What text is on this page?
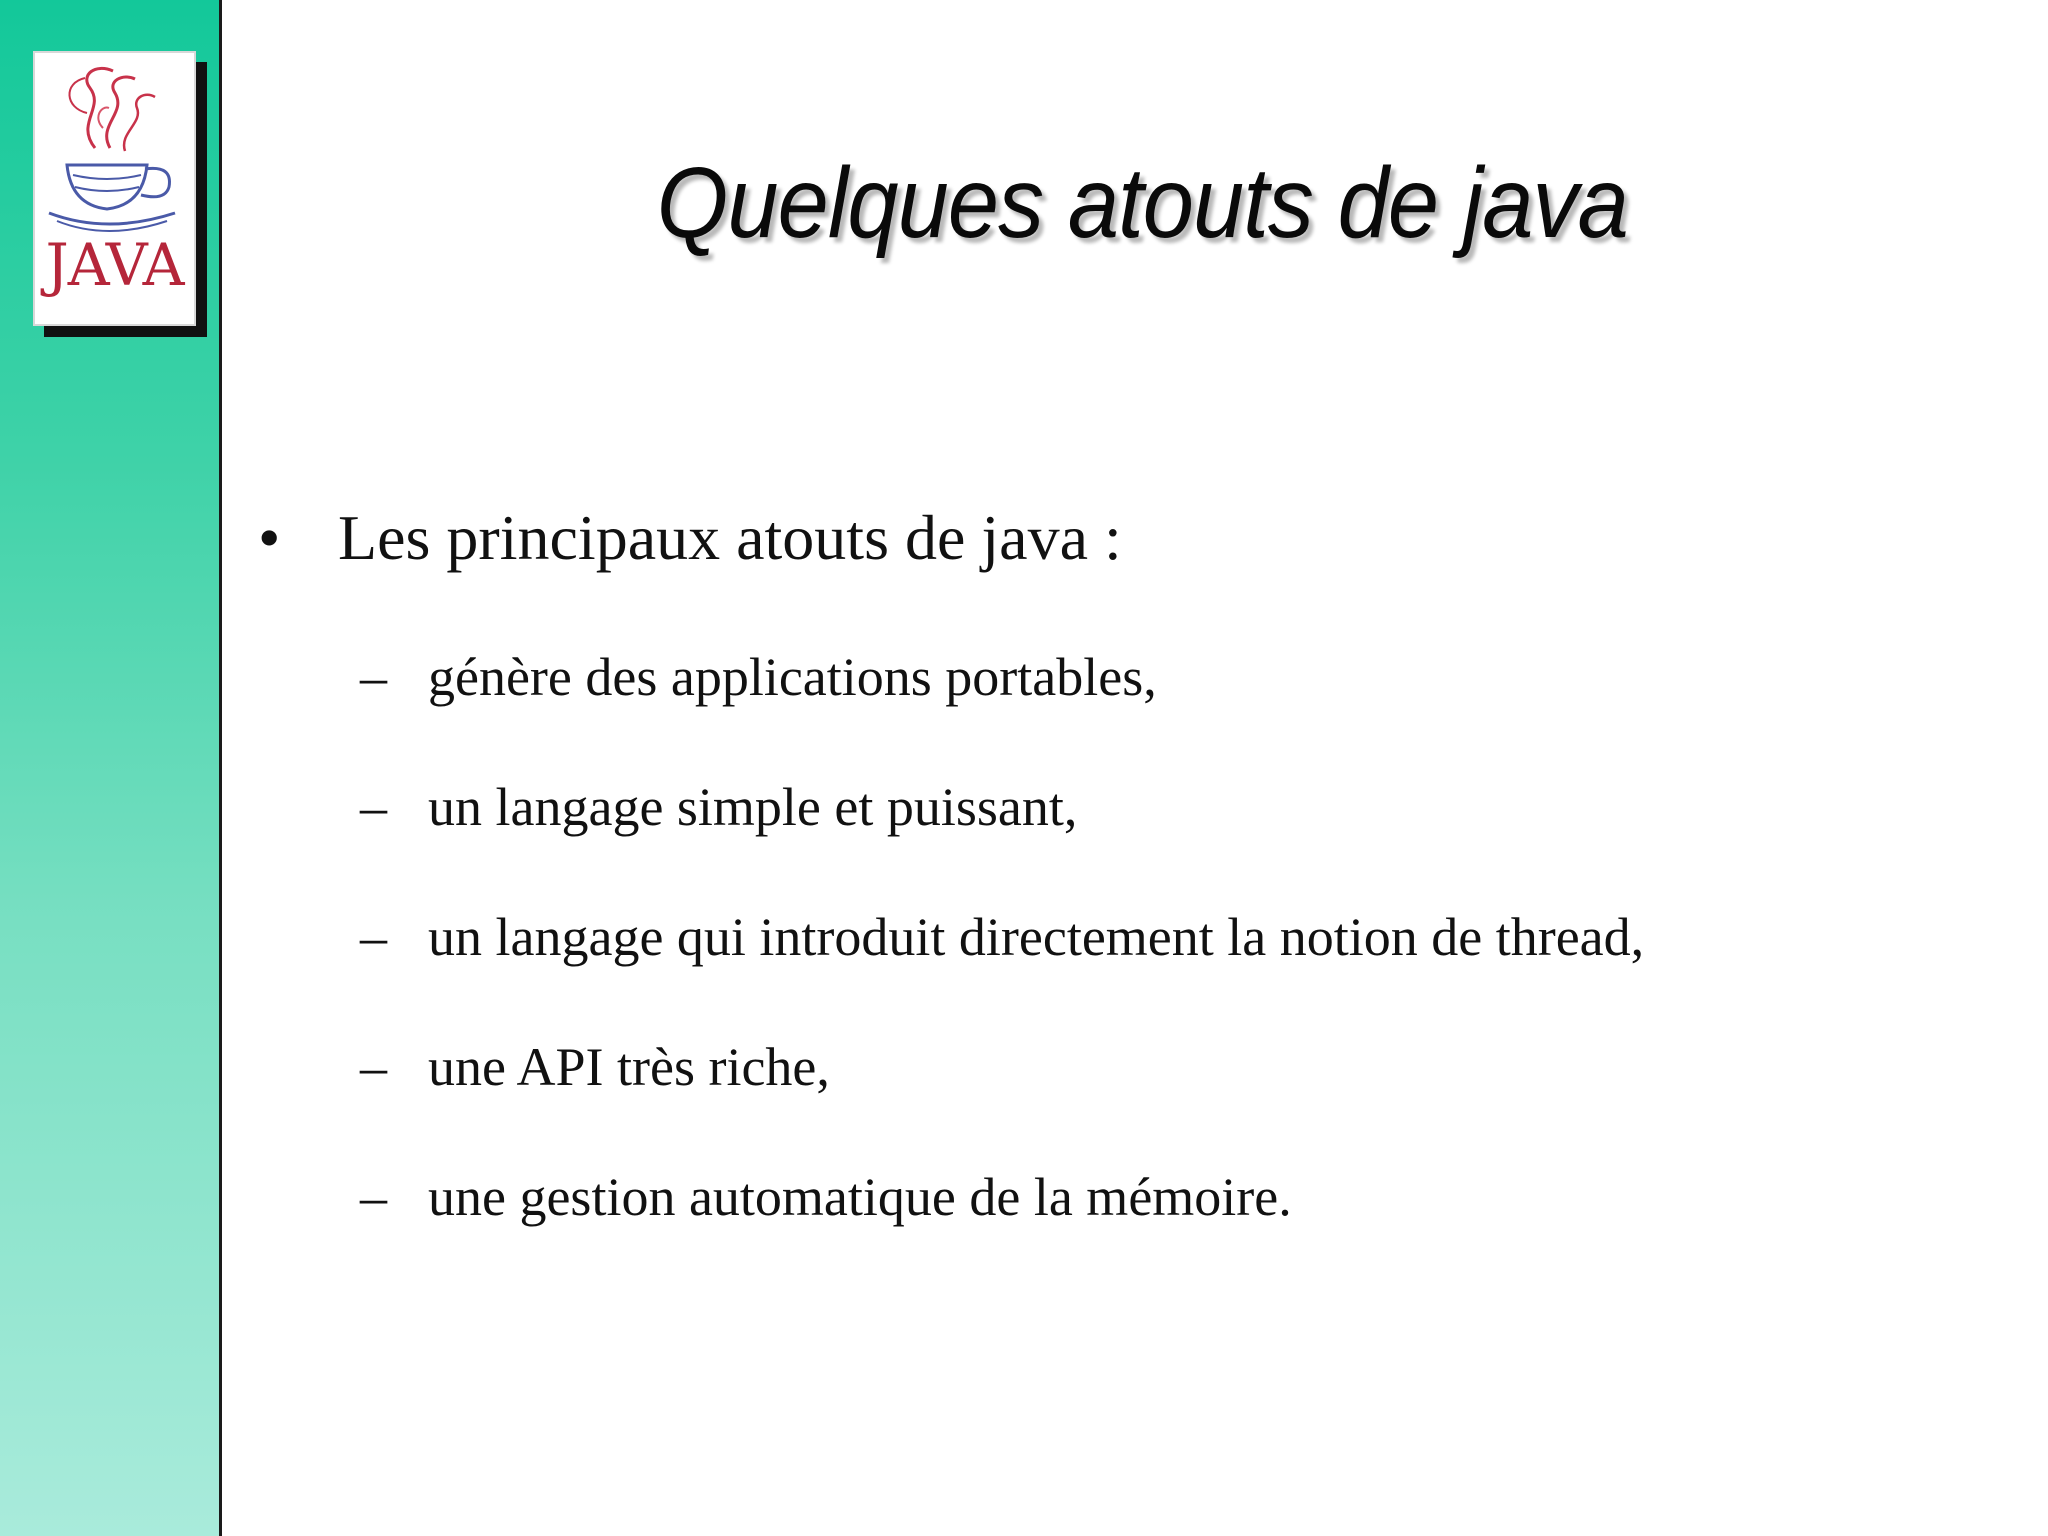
JAVA
Quelques atouts de java
• Les principaux atouts de java :
– génère des applications portables,
– un langage simple et puissant,
– un langage qui introduit directement la notion de thread,
– une API très riche,
– une gestion automatique de la mémoire.
